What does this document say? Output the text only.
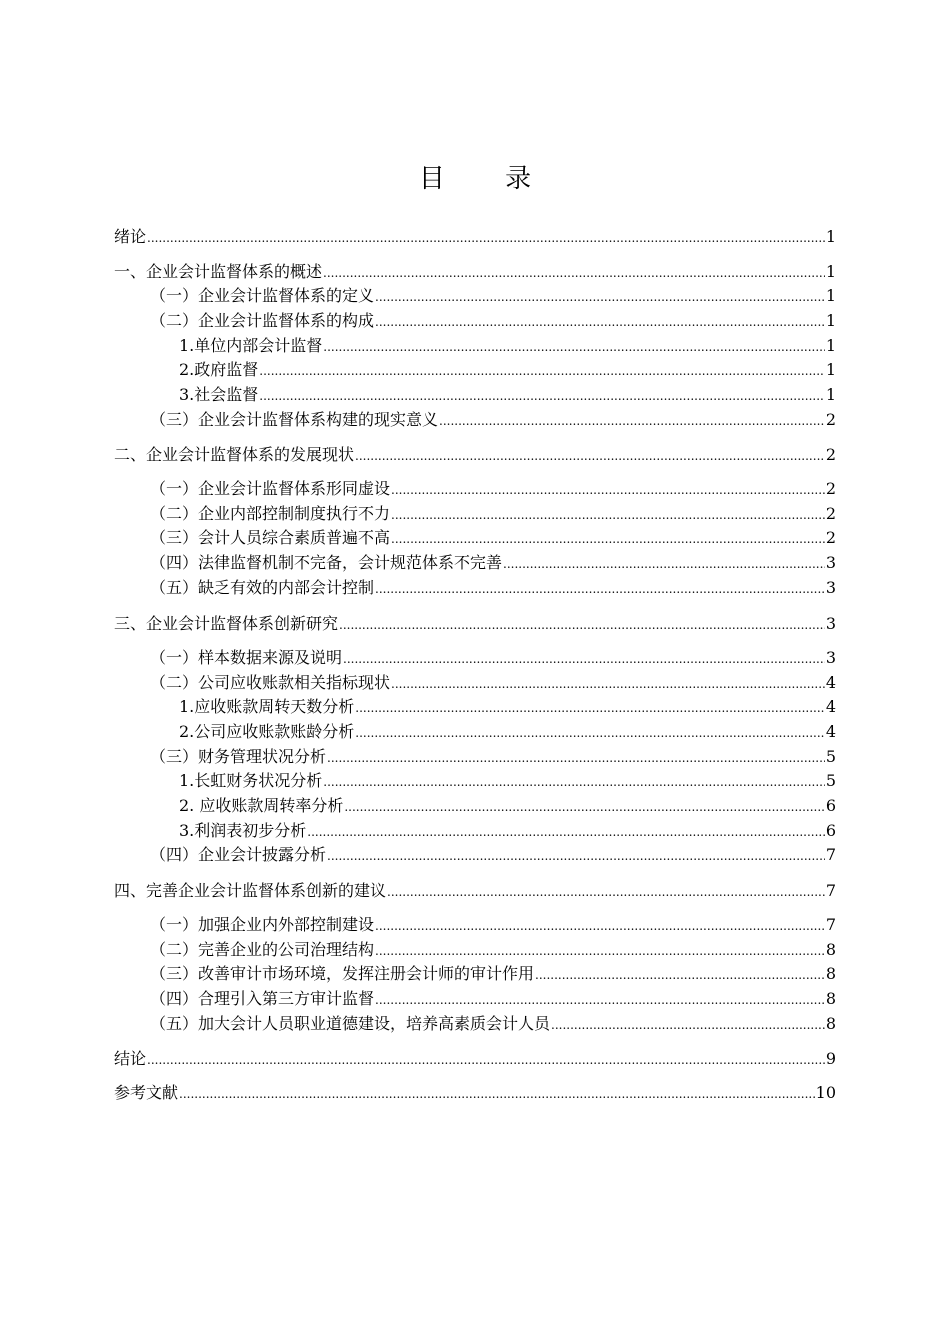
目 录
绪论 .....	1
一、企业会计监督体系的概述 .....	1
（一）企业会计监督体系的定义 .....	1
（二）企业会计监督体系的构成 .....	1
1.单位内部会计监督 .....	1
2.政府监督 .....	1
3.社会监督 .....	1
（三）企业会计监督体系构建的现实意义 .....	2
二、企业会计监督体系的发展现状 .....	2
（一）企业会计监督体系形同虚设 .....	2
（二）企业内部控制制度执行不力 .....	2
（三）会计人员综合素质普遍不高 .....	2
（四）法律监督机制不完备，会计规范体系不完善 .....	3
（五）缺乏有效的内部会计控制 .....	3
三、企业会计监督体系创新研究 .....	3
（一）样本数据来源及说明 .....	3
（二）公司应收账款相关指标现状 .....	4
1.应收账款周转天数分析 .....	4
2.公司应收账款账龄分析 .....	4
（三）财务管理状况分析 .....	5
1.长虹财务状况分析 .....	5
2. 应收账款周转率分析 .....	6
3.利润表初步分析 .....	6
（四）企业会计披露分析 .....	7
四、完善企业会计监督体系创新的建议 .....	7
（一）加强企业内外部控制建设 .....	7
（二）完善企业的公司治理结构 .....	8
（三）改善审计市场环境，发挥注册会计师的审计作用 .....	8
（四）合理引入第三方审计监督 .....	8
（五）加大会计人员职业道德建设，培养高素质会计人员 .....	8
结论 .....	9
参考文献 .....	10
